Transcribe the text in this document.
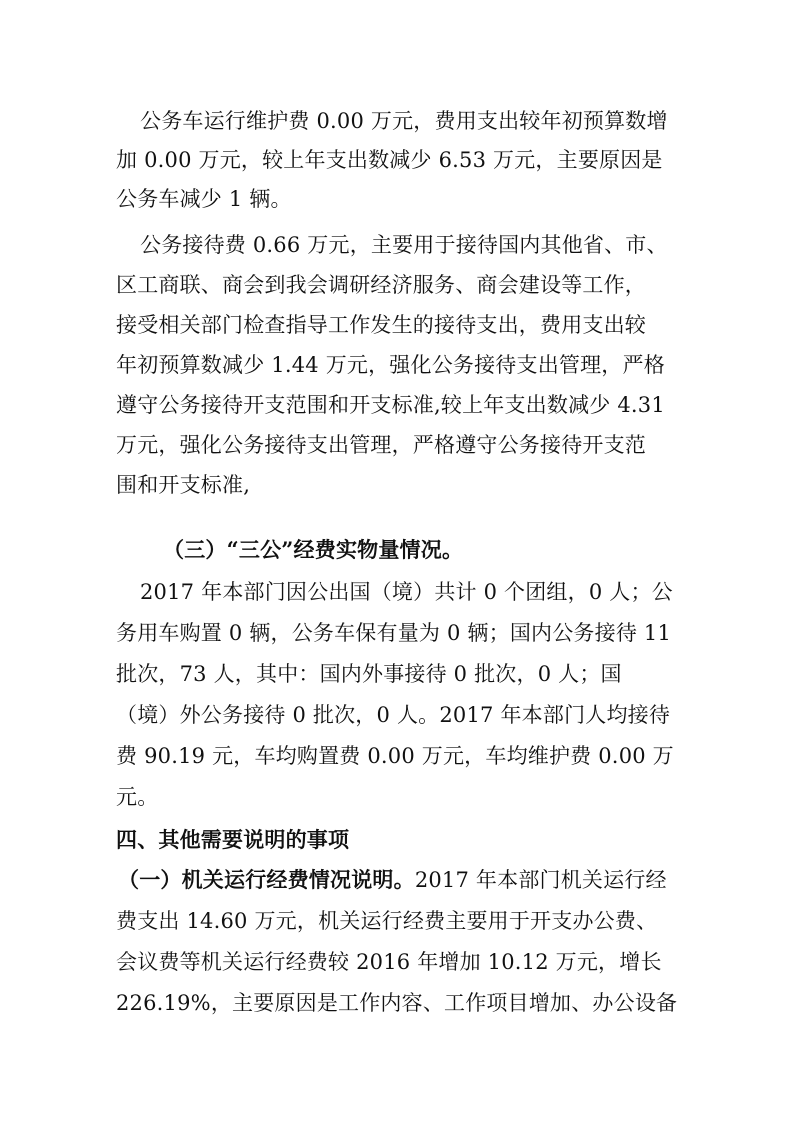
公务车运行维护费 0.00 万元，费用支出较年初预算数增
加 0.00 万元，较上年支出数减少 6.53 万元，主要原因是
公务车减少 1 辆。
公务接待费 0.66 万元，主要用于接待国内其他省、市、
区工商联、商会到我会调研经济服务、商会建设等工作，
接受相关部门检查指导工作发生的接待支出，费用支出较
年初预算数减少 1.44 万元，强化公务接待支出管理，严格
遵守公务接待开支范围和开支标准,较上年支出数减少 4.31
万元，强化公务接待支出管理，严格遵守公务接待开支范
围和开支标准,
（三）“三公”经费实物量情况。
2017 年本部门因公出国（境）共计 0 个团组，0 人；公
务用车购置 0 辆，公务车保有量为 0 辆；国内公务接待 11
批次，73 人，其中：国内外事接待 0 批次，0 人；国
（境）外公务接待 0 批次，0 人。2017 年本部门人均接待
费 90.19 元，车均购置费 0.00 万元，车均维护费 0.00 万
元。
四、其他需要说明的事项
（一）机关运行经费情况说明。2017 年本部门机关运行经
费支出 14.60 万元，机关运行经费主要用于开支办公费、
会议费等机关运行经费较 2016 年增加 10.12 万元，增长
226.19%，主要原因是工作内容、工作项目增加、办公设备
